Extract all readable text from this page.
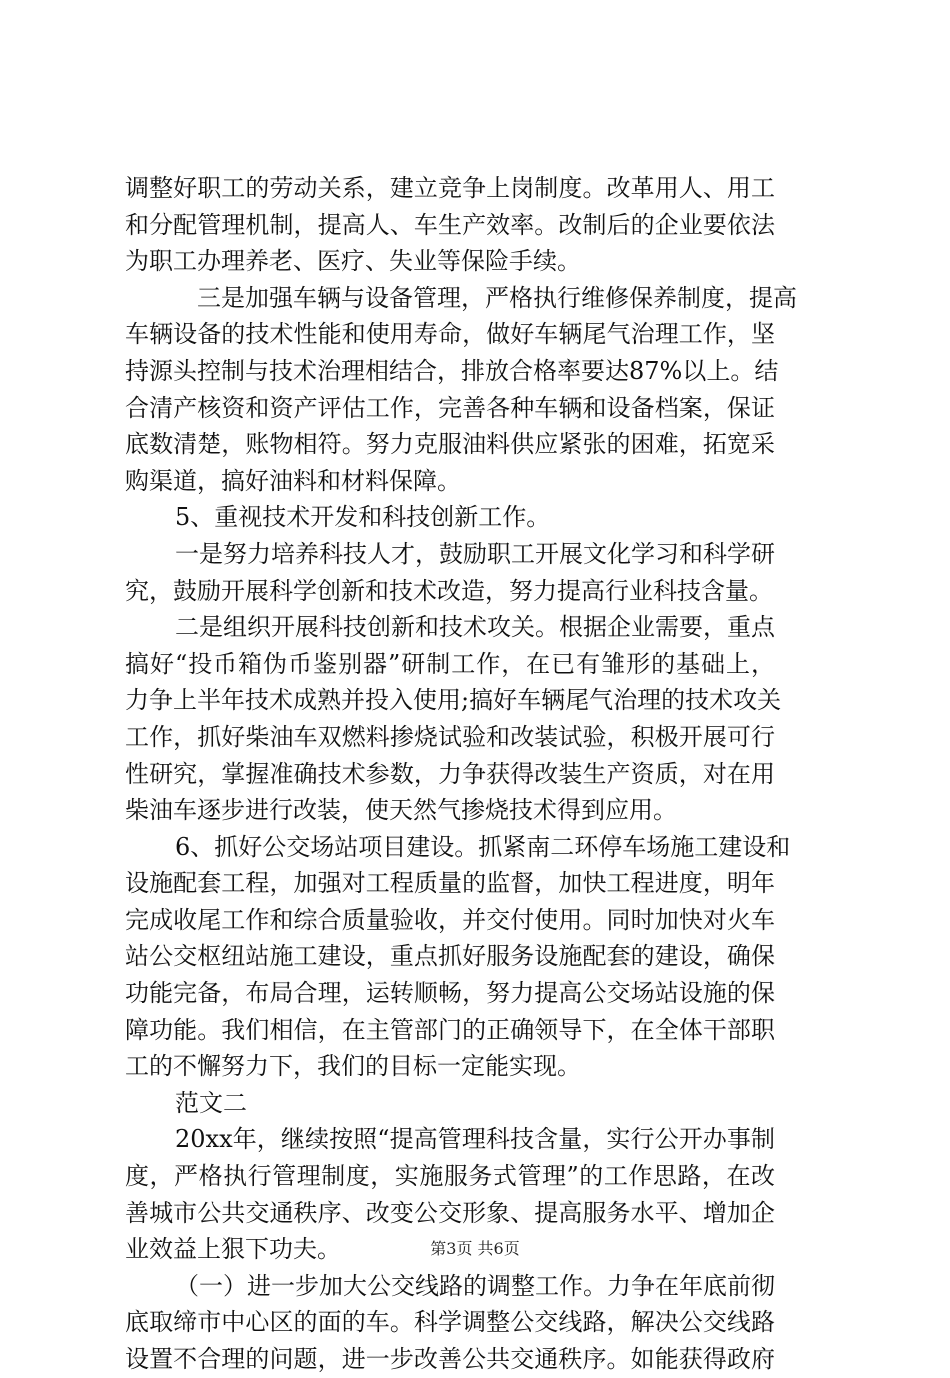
调整好职工的劳动关系，建立竞争上岗制度。改革用人、用工
和分配管理机制，提高人、车生产效率。改制后的企业要依法
为职工办理养老、医疗、失业等保险手续。
三是加强车辆与设备管理，严格执行维修保养制度，提高
车辆设备的技术性能和使用寿命，做好车辆尾气治理工作，坚
持源头控制与技术治理相结合，排放合格率要达87%以上。结
合清产核资和资产评估工作，完善各种车辆和设备档案，保证
底数清楚，账物相符。努力克服油料供应紧张的困难，拓宽采
购渠道，搞好油料和材料保障。
5、重视技术开发和科技创新工作。
一是努力培养科技人才，鼓励职工开展文化学习和科学研
究，鼓励开展科学创新和技术改造，努力提高行业科技含量。
二是组织开展科技创新和技术攻关。根据企业需要，重点
搞好“投币箱伪币鉴别器”研制工作，在已有雏形的基础上，
力争上半年技术成熟并投入使用;搞好车辆尾气治理的技术攻关
工作，抓好柴油车双燃料掺烧试验和改装试验，积极开展可行
性研究，掌握准确技术参数，力争获得改装生产资质，对在用
柴油车逐步进行改装，使天然气掺烧技术得到应用。
6、抓好公交场站项目建设。抓紧南二环停车场施工建设和
设施配套工程，加强对工程质量的监督，加快工程进度，明年
完成收尾工作和综合质量验收，并交付使用。同时加快对火车
站公交枢纽站施工建设，重点抓好服务设施配套的建设，确保
功能完备，布局合理，运转顺畅，努力提高公交场站设施的保
障功能。我们相信，在主管部门的正确领导下，在全体干部职
工的不懈努力下，我们的目标一定能实现。
范文二
20xx年，继续按照“提高管理科技含量，实行公开办事制
度，严格执行管理制度，实施服务式管理”的工作思路，在改
善城市公共交通秩序、改变公交形象、提高服务水平、增加企
业效益上狠下功夫。
（一）进一步加大公交线路的调整工作。力争在年底前彻
底取缔市中心区的面的车。科学调整公交线路，解决公交线路
设置不合理的问题，进一步改善公共交通秩序。如能获得政府
第3页 共6页
